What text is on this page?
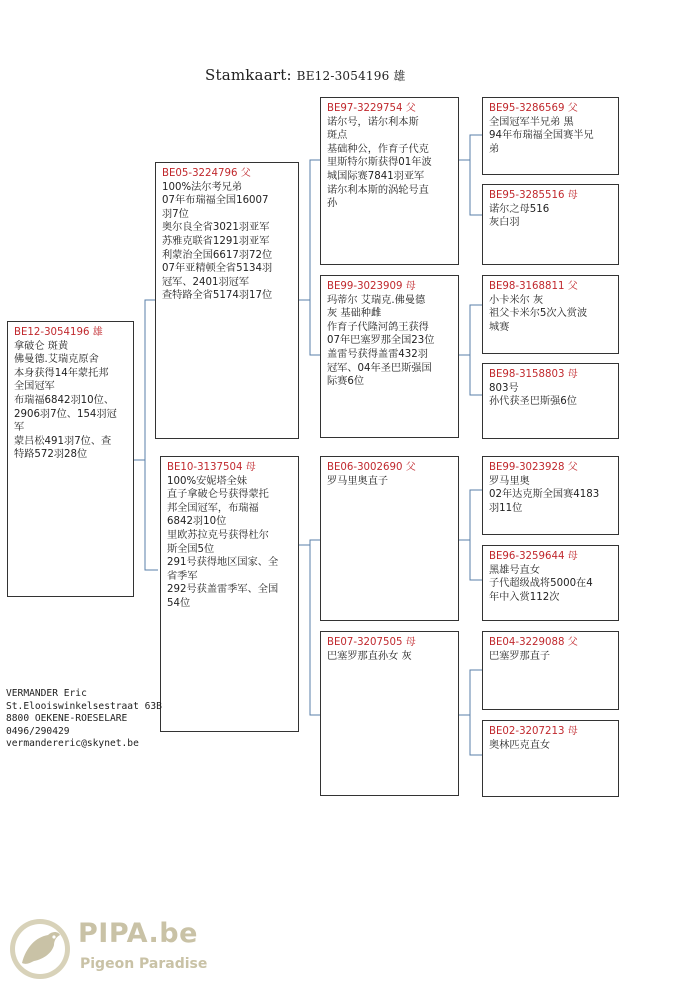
Stamkaart: BE12-3054196 雄
BE12-3054196 雄
拿破仑 斑黄
佛曼德.艾瑞克原舍
本身获得14年蒙托邦
全国冠军
布瑞福6842羽10位、
2906羽7位、154羽冠
军
蒙吕松491羽7位、查
特路572羽28位
BE05-3224796 父
100%法尔考兄弟
07年布瑞福全国16007
羽7位
奥尔良全省3021羽亚军
苏雅克联省1291羽亚军
利蒙治全国6617羽72位
07年亚精顿全省5134羽
冠军、2401羽冠军
查特路全省5174羽17位
BE10-3137504 母
100%安妮塔全妹
直子拿破仑号获得蒙托
邦全国冠军，布瑞福
6842羽10位
里欧苏拉克号获得杜尔
斯全国5位
291号获得地区国家、全
省季军
292号获盖雷季军、全国
54位
BE97-3229754 父
诺尔号，诺尔利本斯
斑点
基础种公，作育子代克
里斯特尔斯获得01年波
城国际赛7841羽亚军
诺尔利本斯的涡轮号直
孙
BE99-3023909 母
玛蒂尔 艾瑞克.佛曼德
灰 基础种雌
作育子代隆河鸽王获得
07年巴塞罗那全国23位
盖雷号获得盖雷432羽
冠军、04年圣巴斯强国
际赛6位
BE06-3002690 父
罗马里奥直子
BE07-3207505 母
巴塞罗那直孙女 灰
BE95-3286569 父
全国冠军半兄弟 黑
94年布瑞福全国赛半兄
弟
BE95-3285516 母
诺尔之母516
灰白羽
BE98-3168811 父
小卡米尔 灰
祖父卡米尔5次入赏波
城赛
BE98-3158803 母
803号
孙代获圣巴斯强6位
BE99-3023928 父
罗马里奥
02年达克斯全国赛4183
羽11位
BE96-3259644 母
黑雄号直女
子代超级战将5000在4
年中入赏112次
BE04-3229088 父
巴塞罗那直子
BE02-3207213 母
奥林匹克直女
VERMANDER Eric
St.Elooiswinkelsestraat 63B
8800 OEKENE-ROESELARE
0496/290429
vermandereric@skynet.be
PIPA.be
Pigeon Paradise
